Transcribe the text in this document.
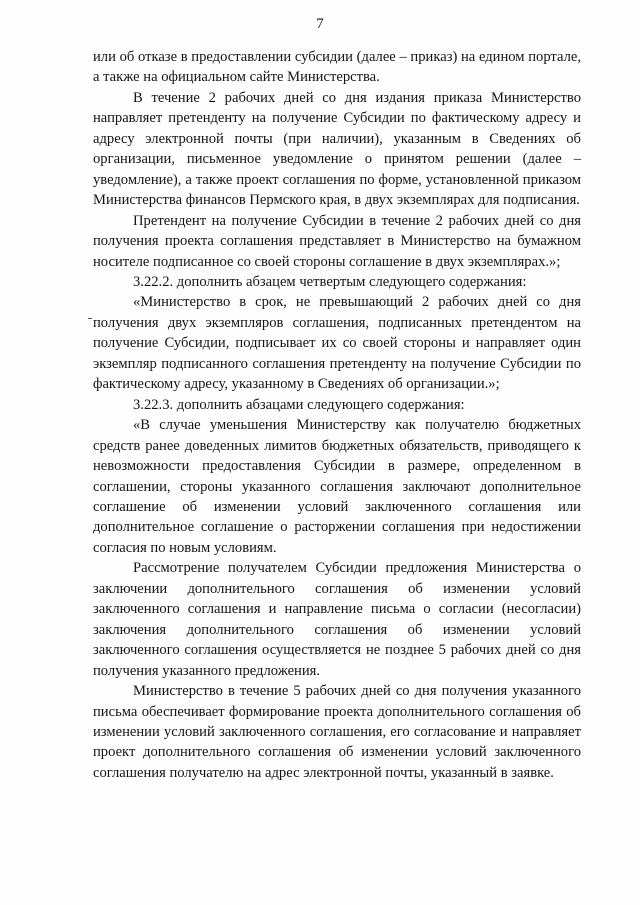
7

или об отказе в предоставлении субсидии (далее – приказ) на едином портале, а также на официальном сайте Министерства.

В течение 2 рабочих дней со дня издания приказа Министерство направляет претенденту на получение Субсидии по фактическому адресу и адресу электронной почты (при наличии), указанным в Сведениях об организации, письменное уведомление о принятом решении (далее – уведомление), а также проект соглашения по форме, установленной приказом Министерства финансов Пермского края, в двух экземплярах для подписания.

Претендент на получение Субсидии в течение 2 рабочих дней со дня получения проекта соглашения представляет в Министерство на бумажном носителе подписанное со своей стороны соглашение в двух экземплярах.»;

3.22.2. дополнить абзацем четвертым следующего содержания:

«Министерство в срок, не превышающий 2 рабочих дней со дня получения двух экземпляров соглашения, подписанных претендентом на получение Субсидии, подписывает их со своей стороны и направляет один экземпляр подписанного соглашения претенденту на получение Субсидии по фактическому адресу, указанному в Сведениях об организации.»;

3.22.3. дополнить абзацами следующего содержания:

«В случае уменьшения Министерству как получателю бюджетных средств ранее доведенных лимитов бюджетных обязательств, приводящего к невозможности предоставления Субсидии в размере, определенном в соглашении, стороны указанного соглашения заключают дополнительное соглашение об изменении условий заключенного соглашения или дополнительное соглашение о расторжении соглашения при недостижении согласия по новым условиям.

Рассмотрение получателем Субсидии предложения Министерства о заключении дополнительного соглашения об изменении условий заключенного соглашения и направление письма о согласии (несогласии) заключения дополнительного соглашения об изменении условий заключенного соглашения осуществляется не позднее 5 рабочих дней со дня получения указанного предложения.

Министерство в течение 5 рабочих дней со дня получения указанного письма обеспечивает формирование проекта дополнительного соглашения об изменении условий заключенного соглашения, его согласование и направляет проект дополнительного соглашения об изменении условий заключенного соглашения получателю на адрес электронной почты, указанный в заявке.
